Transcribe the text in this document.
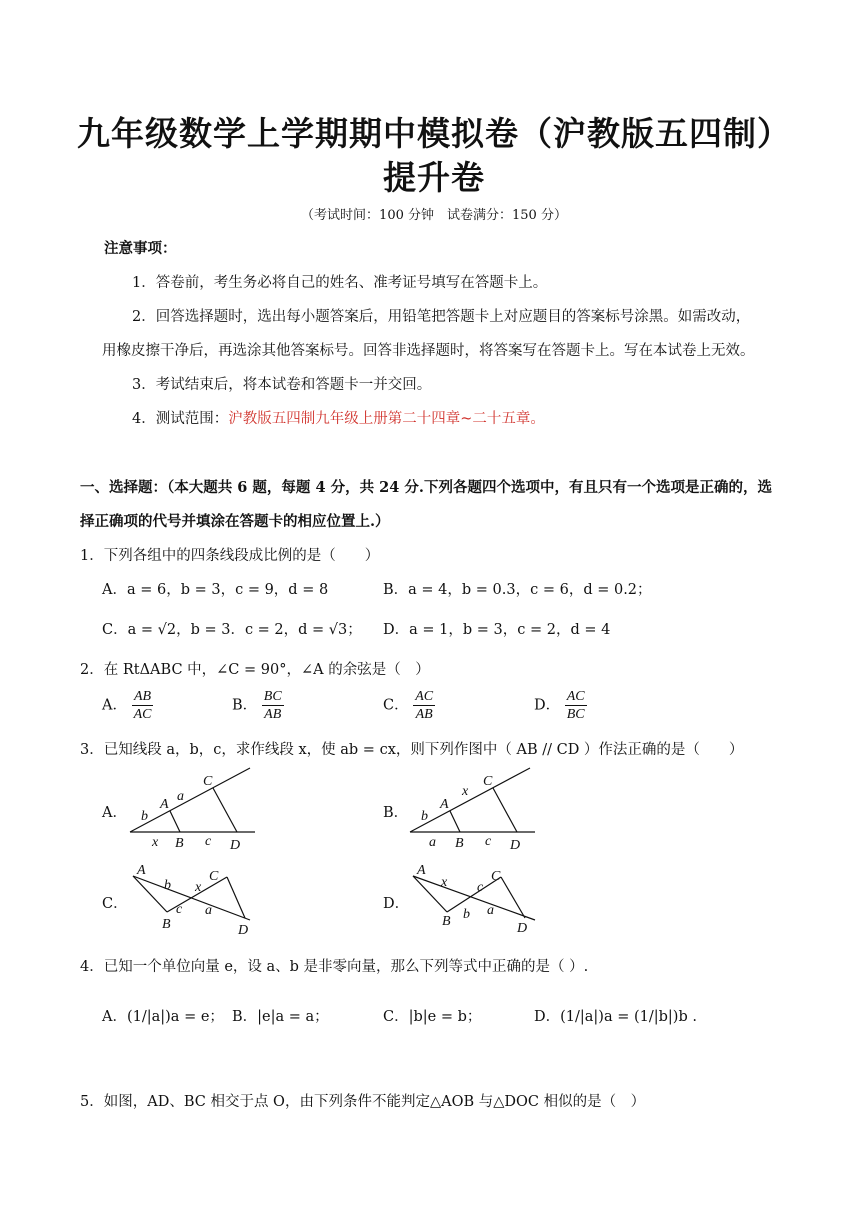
九年级数学上学期期中模拟卷（沪教版五四制）
提升卷
（考试时间：100 分钟　试卷满分：150 分）
注意事项：
1．答卷前，考生务必将自己的姓名、准考证号填写在答题卡上。
2．回答选择题时，选出每小题答案后，用铅笔把答题卡上对应题目的答案标号涂黑。如需改动，
用橡皮擦干净后，再选涂其他答案标号。回答非选择题时，将答案写在答题卡上。写在本试卷上无效。
3．考试结束后，将本试卷和答题卡一并交回。
4．测试范围：沪教版五四制九年级上册第二十四章~二十五章。
一、选择题：（本大题共 6 题，每题 4 分，共 24 分.下列各题四个选项中，有且只有一个选项是正确的，选
择正确项的代号并填涂在答题卡的相应位置上.）
1．下列各组中的四条线段成比例的是（　　）
A．a = 6，b = 3，c = 9，d = 8	B．a = 4，b = 0.3，c = 6，d = 0.2；
C．a = √2，b = 3．c = 2，d = √3； D．a = 1，b = 3，c = 2，d = 4
2．在 RtΔABC 中，∠C = 90°，∠A 的余弦是（　）
A． $\frac{AB}{AC}$	B． $\frac{BC}{AB}$	C． $\frac{AC}{AB}$	D． $\frac{AC}{BC}$
3．已知线段 a，b，c，求作线段 x，使 ab = cx，则下列作图中（ AB // CD ）作法正确的是（　　）
A．
A
B
C
D
b
a
x	c
B．
A
B
C
D
b
x
a	c
C．
A
B
C
D
b x
c a	D．
A
B
C
D
x c
b a
4．已知一个单位向量 e，设 a、b 是非零向量，那么下列等式中正确的是（ ）.
A．(1/|a|)a = e； B．|e|a = a；	C．|b|e = b；	D．(1/|a|)a = (1/|b|)b .
5．如图，AD、BC 相交于点 O，由下列条件不能判定△AOB 与△DOC 相似的是（　）
